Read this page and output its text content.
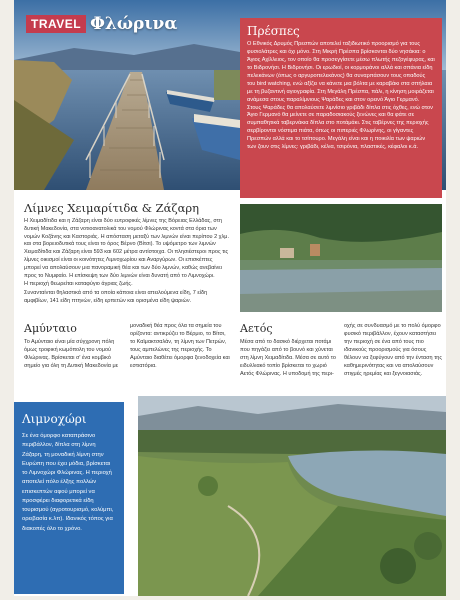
TRAVEL Φλώρινα	Πρέσπες

Ο Εθνικός Δρυμός Πρεσπών αποτελεί ταξιδιωτικό προορισμό για τους φυσιολάτρες και όχι μόνο. Στη Μικρή Πρέσπα βρίσκονται δύο νησάκια: ο Άγιος Αχίλλειος, τον οποίο θα προσεγγίσετε μέσω πλωτής πεζογέφυρας, και το Βιδρονήσι. Η Βιδρονήσι. Οι ερωδιοί, οι κορμοράνοι αλλά και σπάνια είδη πελεκάνων (όπως ο αργυροπελεκάνος) θα συναρπάσουν τους οπαδούς του bird watching, ενώ αξίζει να κάνετε μια βόλτα με καραβάκι στα σπήλαια με τη βυζαντινή αγιογραφία. Στη Μεγάλη Πρέσπα, πάλι, η κίνηση μοιράζεται ανάμεσα στους παραλίμνιους Ψαράδες και στον ορεινό Άγιο Γερμανό. Στους Ψαράδες θα απολαύσετε λιμνίσιο γριβάδι δίπλα στις όχθες, ενώ στον Άγιο Γερμανό θα μείνετε σε παραδοσιακούς ξενώνες και θα φάτε σε συμπαθητικά ταβερνάκια δίπλα στο ποτάμάκι. Στις ταβέρνες της περιοχής σερβίρονται νόστιμα πιάτα, όπως οι πιπεριές Φλωρίνης, οι γίγαντες Πρεσπών αλλά και το τσίπουρο. Μεγάλη είναι και η ποικιλία των ψαριών των ζουν στις λίμνες: γριβάδι, κέλια, τσιρόνια, πλαστικές, κέφαλοι κ.ά.

Λίμνες Χειμαρίτιδα & Ζάζαρη

Η Χειμαδίτιδα και η Ζάζαρη είναι δύο ευτροφικές λίμνες της Βόρειας Ελλάδας, στη δυτική Μακεδονία, στα νοτιοανατολικά του νομού Φλώρινας κοντά στα όρια των νομών Κοζάνης και Καστοριάς. Η απόσταση μεταξύ των λιμνών είναι περίπου 2 χλμ. και στα βορειοδυτικά τους είναι το όρος Βέρνο (Βίτσι). Το υψόμετρο των λιμνών Χειμαδίτιδα και Ζάζαρη είναι 593 και 602 μέτρα αντίστοιχα. Οι πλησιέστεροι προς τις λίμνες οικισμοί είναι οι κοινότητες Λιμνοχωρίου και Αναργύρων. Οι επισκέπτες μπορεί να απολαύσουν μια πανοραμική θέα και των δύο λιμνών, καθώς ανεβαίνει προς το Νυμφαίο. Η επίσκεψη των δύο λιμνών είναι δυνατή από το Λιμνοχώρι.

Η περιοχή θεωρείται καταφύγιο άγριας ζωής.

Συνανταίνται θηλαστικά από τα οποία κάποια είναι απειλούμενα είδη, 7 είδη αμφιβίων, 141 είδη πτηνών, είδη ερπετών και ορισμένα είδη ψαριών.

Αμύνταιο
Το Αμύνταιο είναι μία σύγχρονη πόλη όμως τροφική κωμόπολη του νομού Φλώρινας. Βρίσκεται σ' ένα κομβικό σημείο για όλη τη Δυτική Μακεδονία με
μοναδική θέα προς όλα τα σημεία του ορίζοντα: αντικρύζει το Βέρμιο, το Βίτσι, το Καϊμακτσαλάν, τη λίμνη των Πετρών, τους αμπελώνες της περιοχής. Το Αμύνταιο διαθέτει όμορφα ξενοδοχεία και εστιατόρια.
Αετός
Μέσα από το δασικό διέρχεται ποτάμι που πηγάζει από το βουνό και χύνεται στη λίμνη Χειμαδίτιδα. Μέσα σε αυτό το ειδυλλιακό τοπίο βρίσκεται το χωριό Αετός Φλώρινας. Η υποδομή της περι-
οχής σε συνδυασμό με το πολύ όμορφο φυσικό περιβάλλον, έχουν καταστήσει την περιοχή σε ένα από τους πιο ιδανικούς προορισμούς για όσους θέλουν να ξεφύγουν από την ένταση της καθημερινότητας και να απολαύσουν στιγμές ηρεμίας και ξεγνοιασιάς.
Λιμνοχώρι

Σε ένα όμορφο καταπράσινο περιβάλλον, δίπλα στη λίμνη Ζάζαρη, τη μοναδική λίμνη στην Ευρώπη που έχει μόδια, βρίσκεται το Λιμνοχώρι Φλώρινας. Η περιοχή αποτελεί πόλο έλξης πολλών επισκεπτών αφού μπορεί να προσφέρει διαφορετικά είδη τουρισμού (αγροτουρισμό, κολύμπι, ορειβασία κ.λπ). Ιδανικός τόπος για διακοπές όλο το χρόνο.
